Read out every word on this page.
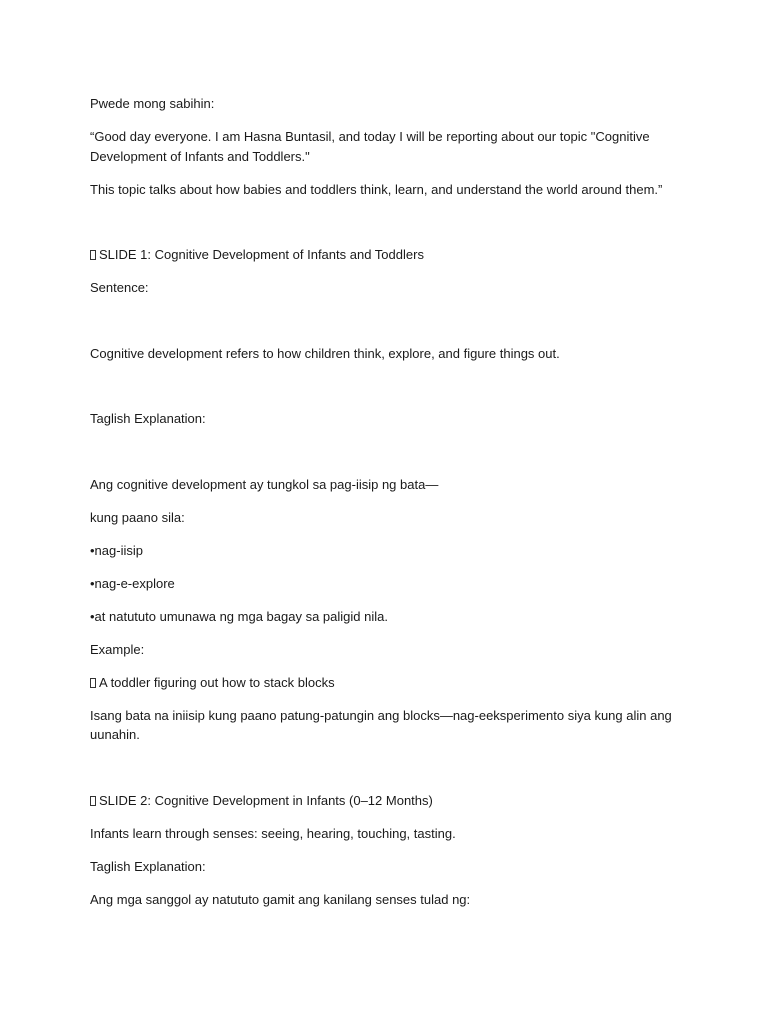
Pwede mong sabihin:

“Good day everyone. I am Hasna Buntasil, and today I will be reporting about our topic "Cognitive Development of Infants and Toddlers."

This topic talks about how babies and toddlers think, learn, and understand the world around them.”

SLIDE 1: Cognitive Development of Infants and Toddlers

Sentence:

Cognitive development refers to how children think, explore, and figure things out.

Taglish Explanation:

Ang cognitive development ay tungkol sa pag-iisip ng bata—

kung paano sila:

•nag-iisip

•nag-e-explore

•at natututo umunawa ng mga bagay sa paligid nila.

Example:

A toddler figuring out how to stack blocks

Isang bata na iniisip kung paano patung-patungin ang blocks—nag-eeksperimento siya kung alin ang uunahin.

SLIDE 2: Cognitive Development in Infants (0–12 Months)

Infants learn through senses: seeing, hearing, touching, tasting.

Taglish Explanation:

Ang mga sanggol ay natututo gamit ang kanilang senses tulad ng:
